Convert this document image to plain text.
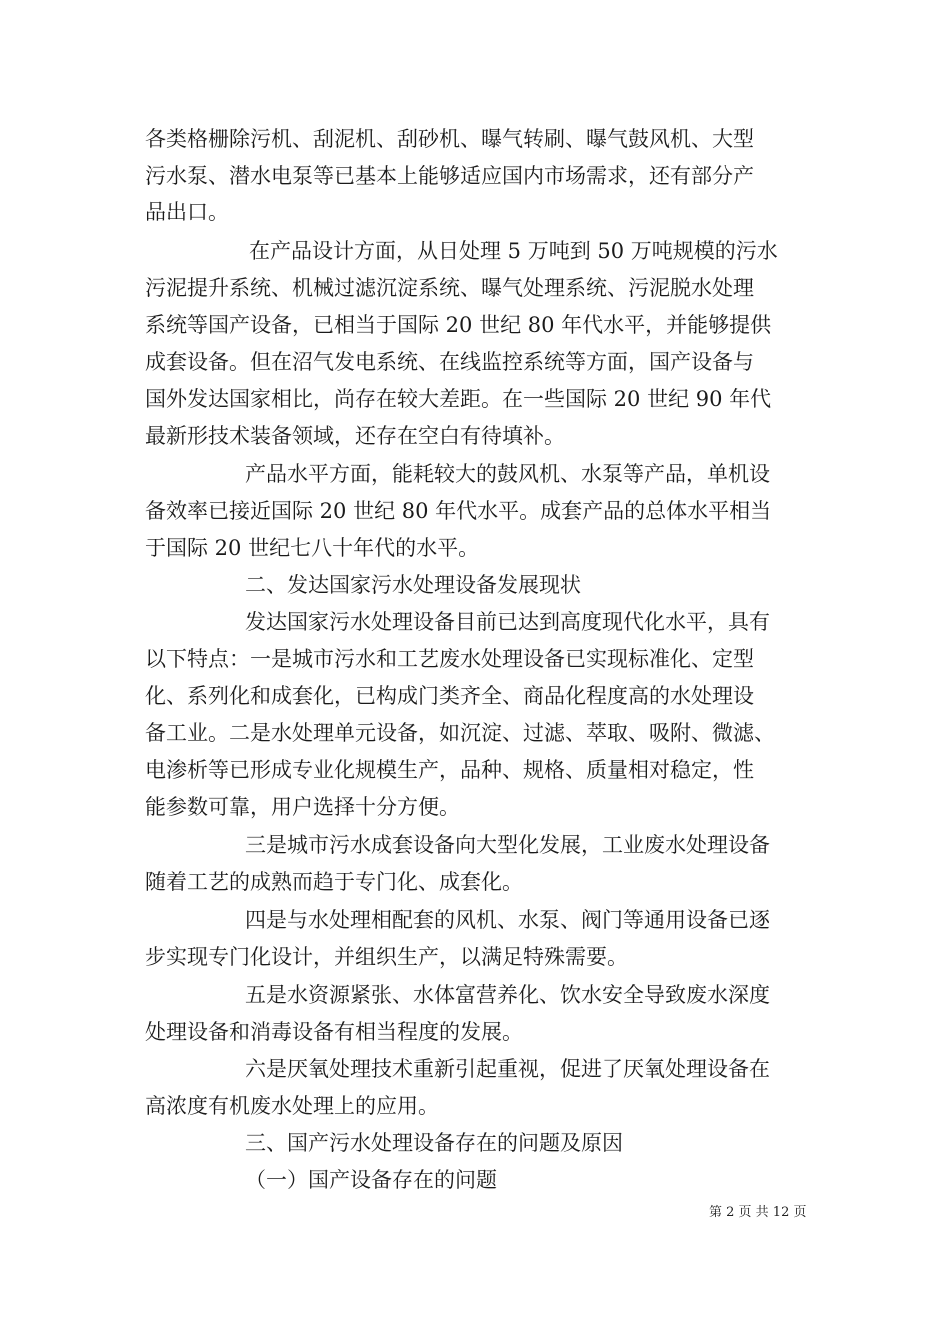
各类格栅除污机、刮泥机、刮砂机、曝气转刷、曝气鼓风机、大型
污水泵、潜水电泵等已基本上能够适应国内市场需求，还有部分产
品出口。
在产品设计方面，从日处理 5 万吨到 50 万吨规模的污水
污泥提升系统、机械过滤沉淀系统、曝气处理系统、污泥脱水处理
系统等国产设备，已相当于国际 20 世纪 80 年代水平，并能够提供
成套设备。但在沼气发电系统、在线监控系统等方面，国产设备与
国外发达国家相比，尚存在较大差距。在一些国际 20 世纪 90 年代
最新形技术装备领域，还存在空白有待填补。
产品水平方面，能耗较大的鼓风机、水泵等产品，单机设
备效率已接近国际 20 世纪 80 年代水平。成套产品的总体水平相当
于国际 20 世纪七八十年代的水平。
二、发达国家污水处理设备发展现状
发达国家污水处理设备目前已达到高度现代化水平，具有
以下特点：一是城市污水和工艺废水处理设备已实现标准化、定型
化、系列化和成套化，已构成门类齐全、商品化程度高的水处理设
备工业。二是水处理单元设备，如沉淀、过滤、萃取、吸附、微滤、
电渗析等已形成专业化规模生产，品种、规格、质量相对稳定，性
能参数可靠，用户选择十分方便。
三是城市污水成套设备向大型化发展，工业废水处理设备
随着工艺的成熟而趋于专门化、成套化。
四是与水处理相配套的风机、水泵、阀门等通用设备已逐
步实现专门化设计，并组织生产，以满足特殊需要。
五是水资源紧张、水体富营养化、饮水安全导致废水深度
处理设备和消毒设备有相当程度的发展。
六是厌氧处理技术重新引起重视，促进了厌氧处理设备在
高浓度有机废水处理上的应用。
三、国产污水处理设备存在的问题及原因
（一）国产设备存在的问题
第 2 页 共 12 页
